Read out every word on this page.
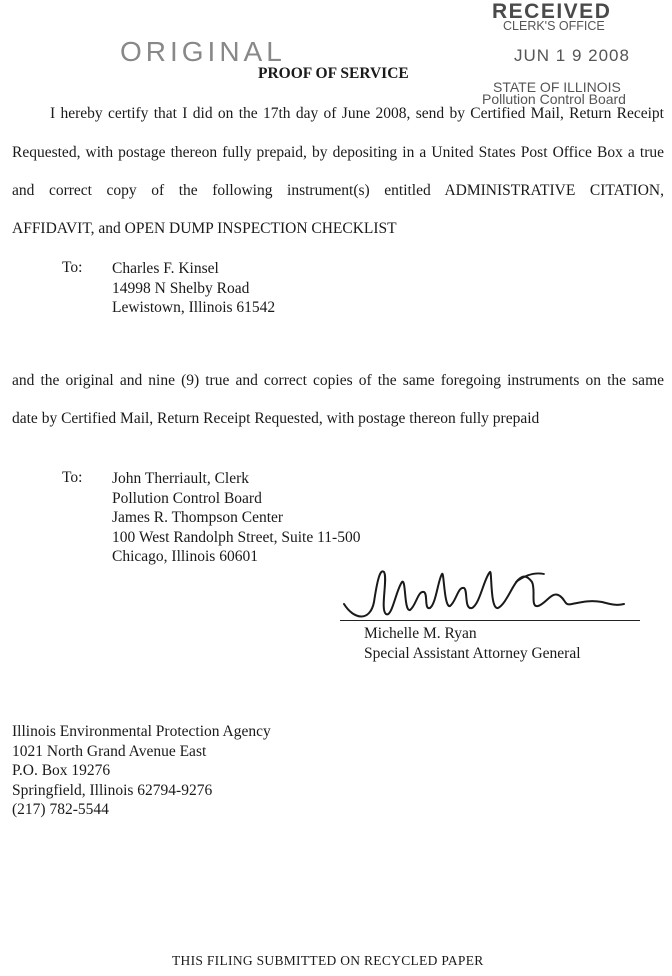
RECEIVED
CLERK'S OFFICE
JUN 1 9 2008
STATE OF ILLINOIS
Pollution Control Board
ORIGINAL
PROOF OF SERVICE
I hereby certify that I did on the 17th day of June 2008, send by Certified Mail, Return Receipt
Requested, with postage thereon fully prepaid, by depositing in a United States Post Office Box a true
and correct copy of the following instrument(s) entitled ADMINISTRATIVE CITATION,
AFFIDAVIT, and OPEN DUMP INSPECTION CHECKLIST
To: Charles F. Kinsel
14998 N Shelby Road
Lewistown, Illinois 61542
and the original and nine (9) true and correct copies of the same foregoing instruments on the same
date by Certified Mail, Return Receipt Requested, with postage thereon fully prepaid
To: John Therriault, Clerk
Pollution Control Board
James R. Thompson Center
100 West Randolph Street, Suite 11-500
Chicago, Illinois 60601
Michelle M. Ryan
Special Assistant Attorney General
Illinois Environmental Protection Agency
1021 North Grand Avenue East
P.O. Box 19276
Springfield, Illinois 62794-9276
(217) 782-5544
THIS FILING SUBMITTED ON RECYCLED PAPER
